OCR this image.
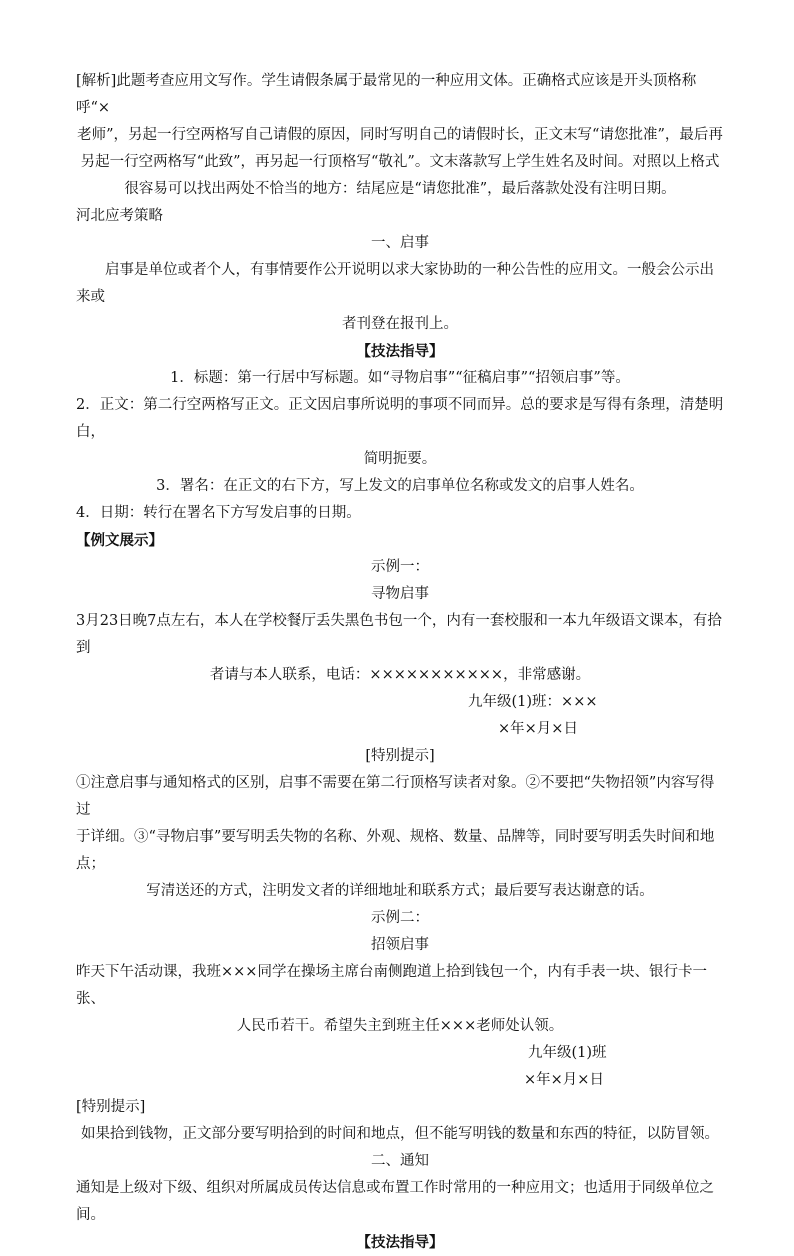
[解析]此题考查应用文写作。学生请假条属于最常见的一种应用文体。正确格式应该是开头顶格称呼“×

老师”，另起一行空两格写自己请假的原因，同时写明自己的请假时长，正文末写“请您批准”，最后再

另起一行空两格写“此致”，再另起一行顶格写“敬礼”。文末落款写上学生姓名及时间。对照以上格式

很容易可以找出两处不恰当的地方：结尾应是“请您批准”，最后落款处没有注明日期。

河北应考策略

一、启事

启事是单位或者个人，有事情要作公开说明以求大家协助的一种公告性的应用文。一般会公示出来或

者刊登在报刊上。

【技法指导】

1．标题：第一行居中写标题。如“寻物启事”“征稿启事”“招领启事”等。

2．正文：第二行空两格写正文。正文因启事所说明的事项不同而异。总的要求是写得有条理，清楚明白，

简明扼要。

3．署名：在正文的右下方，写上发文的启事单位名称或发文的启事人姓名。

4．日期：转行在署名下方写发启事的日期。

【例文展示】

示例一：

寻物启事

3月23日晚7点左右，本人在学校餐厅丢失黑色书包一个，内有一套校服和一本九年级语文课本，有拾到

者请与本人联系，电话：×××××××××××，非常感谢。

九年级(1)班：×××

×年×月×日

[特别提示]

①注意启事与通知格式的区别，启事不需要在第二行顶格写读者对象。②不要把“失物招领”内容写得过

于详细。③“寻物启事”要写明丢失物的名称、外观、规格、数量、品牌等，同时要写明丢失时间和地点；

写清送还的方式，注明发文者的详细地址和联系方式；最后要写表达谢意的话。

示例二：

招领启事

昨天下午活动课，我班×××同学在操场主席台南侧跑道上拾到钱包一个，内有手表一块、银行卡一张、

人民币若干。希望失主到班主任×××老师处认领。

九年级(1)班

×年×月×日

[特别提示]

如果拾到钱物，正文部分要写明拾到的时间和地点，但不能写明钱的数量和东西的特征，以防冒领。

二、通知

通知是上级对下级、组织对所属成员传达信息或布置工作时常用的一种应用文；也适用于同级单位之间。

【技法指导】
